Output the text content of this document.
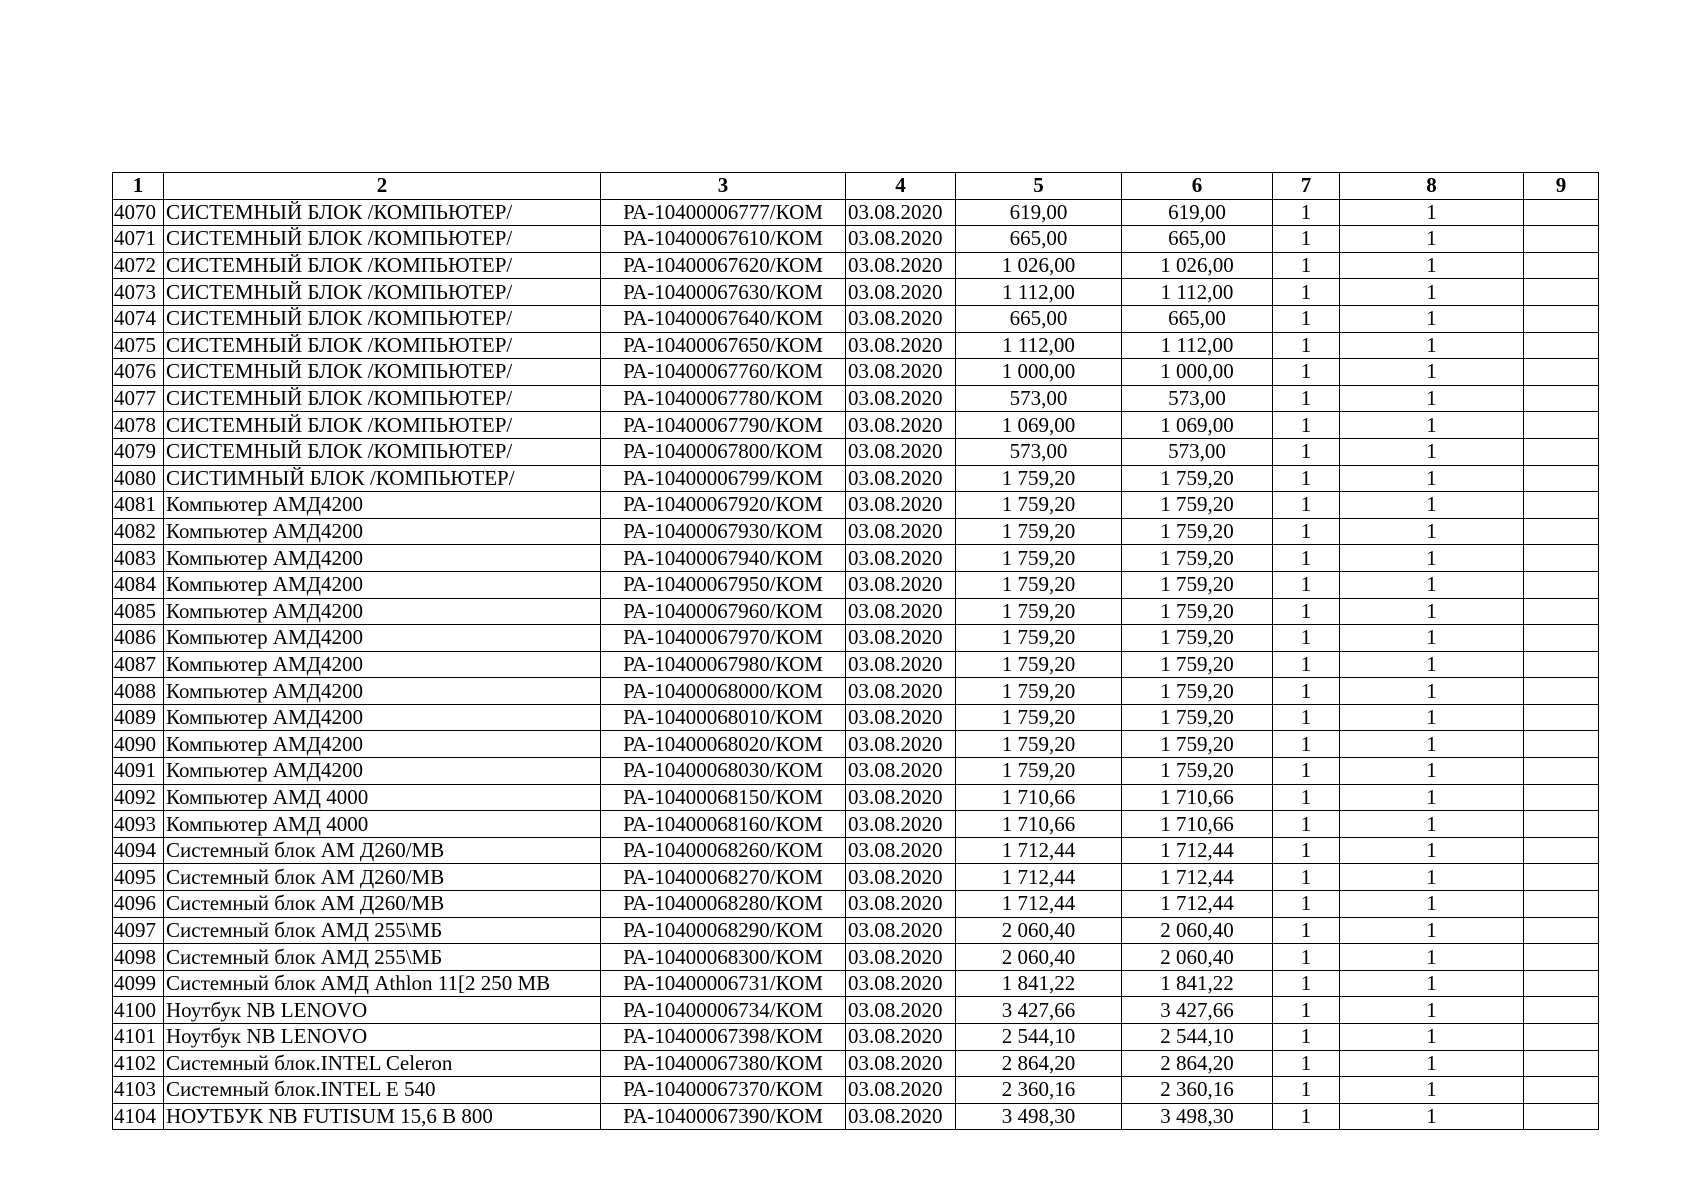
1	2	3	4	5	6	7	8	9
4070	СИСТЕМНЫЙ БЛОК /КОМПЬЮТЕР/	РА-10400006777/КОМ	03.08.2020	619,00	619,00	1	1	
4071	СИСТЕМНЫЙ БЛОК /КОМПЬЮТЕР/	РА-10400067610/КОМ	03.08.2020	665,00	665,00	1	1	
4072	СИСТЕМНЫЙ БЛОК /КОМПЬЮТЕР/	РА-10400067620/КОМ	03.08.2020	1 026,00	1 026,00	1	1	
4073	СИСТЕМНЫЙ БЛОК /КОМПЬЮТЕР/	РА-10400067630/КОМ	03.08.2020	1 112,00	1 112,00	1	1	
4074	СИСТЕМНЫЙ БЛОК /КОМПЬЮТЕР/	РА-10400067640/КОМ	03.08.2020	665,00	665,00	1	1	
4075	СИСТЕМНЫЙ БЛОК /КОМПЬЮТЕР/	РА-10400067650/КОМ	03.08.2020	1 112,00	1 112,00	1	1	
4076	СИСТЕМНЫЙ БЛОК /КОМПЬЮТЕР/	РА-10400067760/КОМ	03.08.2020	1 000,00	1 000,00	1	1	
4077	СИСТЕМНЫЙ БЛОК /КОМПЬЮТЕР/	РА-10400067780/КОМ	03.08.2020	573,00	573,00	1	1	
4078	СИСТЕМНЫЙ БЛОК /КОМПЬЮТЕР/	РА-10400067790/КОМ	03.08.2020	1 069,00	1 069,00	1	1	
4079	СИСТЕМНЫЙ БЛОК /КОМПЬЮТЕР/	РА-10400067800/КОМ	03.08.2020	573,00	573,00	1	1	
4080	СИСТИМНЫЙ БЛОК /КОМПЬЮТЕР/	РА-10400006799/КОМ	03.08.2020	1 759,20	1 759,20	1	1	
4081	Компьютер АМД4200	РА-10400067920/КОМ	03.08.2020	1 759,20	1 759,20	1	1	
4082	Компьютер АМД4200	РА-10400067930/КОМ	03.08.2020	1 759,20	1 759,20	1	1	
4083	Компьютер АМД4200	РА-10400067940/КОМ	03.08.2020	1 759,20	1 759,20	1	1	
4084	Компьютер АМД4200	РА-10400067950/КОМ	03.08.2020	1 759,20	1 759,20	1	1	
4085	Компьютер АМД4200	РА-10400067960/КОМ	03.08.2020	1 759,20	1 759,20	1	1	
4086	Компьютер АМД4200	РА-10400067970/КОМ	03.08.2020	1 759,20	1 759,20	1	1	
4087	Компьютер АМД4200	РА-10400067980/КОМ	03.08.2020	1 759,20	1 759,20	1	1	
4088	Компьютер АМД4200	РА-10400068000/КОМ	03.08.2020	1 759,20	1 759,20	1	1	
4089	Компьютер АМД4200	РА-10400068010/КОМ	03.08.2020	1 759,20	1 759,20	1	1	
4090	Компьютер АМД4200	РА-10400068020/КОМ	03.08.2020	1 759,20	1 759,20	1	1	
4091	Компьютер АМД4200	РА-10400068030/КОМ	03.08.2020	1 759,20	1 759,20	1	1	
4092	Компьютер АМД 4000	РА-10400068150/КОМ	03.08.2020	1 710,66	1 710,66	1	1	
4093	Компьютер АМД 4000	РА-10400068160/КОМ	03.08.2020	1 710,66	1 710,66	1	1	
4094	Системный блок АМ Д260/МВ	РА-10400068260/КОМ	03.08.2020	1 712,44	1 712,44	1	1	
4095	Системный блок АМ Д260/МВ	РА-10400068270/КОМ	03.08.2020	1 712,44	1 712,44	1	1	
4096	Системный блок АМ Д260/МВ	РА-10400068280/КОМ	03.08.2020	1 712,44	1 712,44	1	1	
4097	Системный блок АМД 255\МБ	РА-10400068290/КОМ	03.08.2020	2 060,40	2 060,40	1	1	
4098	Системный блок АМД 255\МБ	РА-10400068300/КОМ	03.08.2020	2 060,40	2 060,40	1	1	
4099	Системный блок АМД Athlon 11[2 250 МВ	РА-10400006731/КОМ	03.08.2020	1 841,22	1 841,22	1	1	
4100	Ноутбук NB LENOVO	РА-10400006734/КОМ	03.08.2020	3 427,66	3 427,66	1	1	
4101	Ноутбук NB LENOVO	РА-10400067398/КОМ	03.08.2020	2 544,10	2 544,10	1	1	
4102	Системный блок.INTEL Celeron	РА-10400067380/КОМ	03.08.2020	2 864,20	2 864,20	1	1	
4103	Системный блок.INTEL Е 540	РА-10400067370/КОМ	03.08.2020	2 360,16	2 360,16	1	1	
4104	НОУТБУК NB FUTISUM 15,6 В 800	РА-10400067390/КОМ	03.08.2020	3 498,30	3 498,30	1	1	
